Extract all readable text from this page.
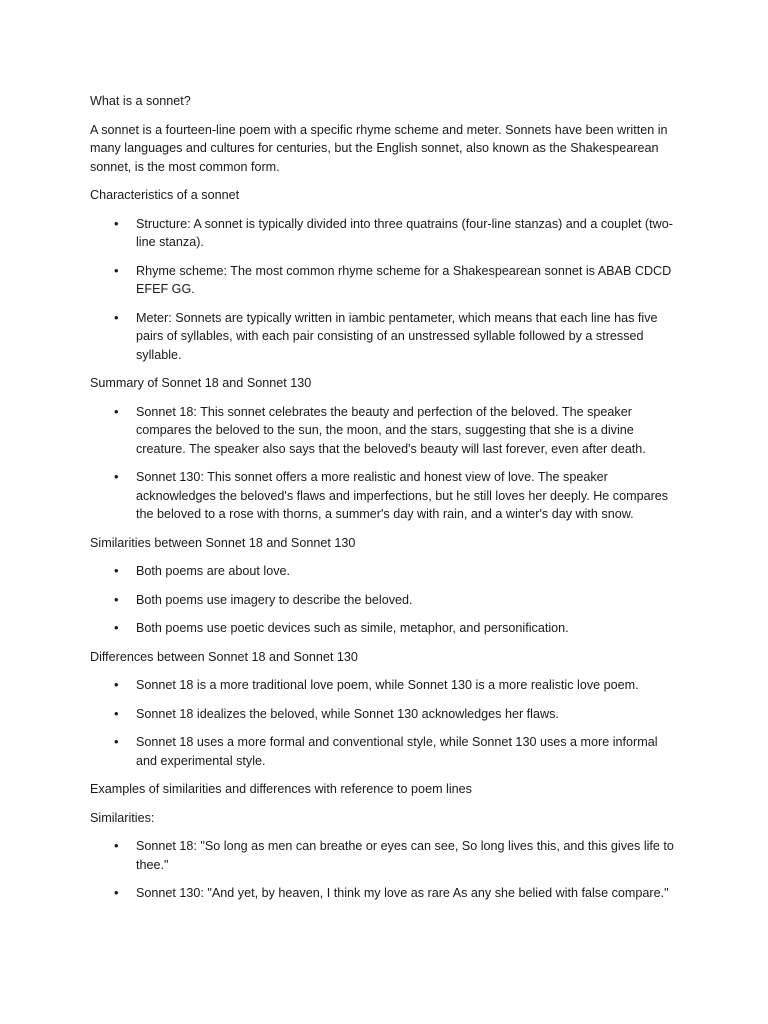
What is a sonnet?

A sonnet is a fourteen-line poem with a specific rhyme scheme and meter. Sonnets have been written in many languages and cultures for centuries, but the English sonnet, also known as the Shakespearean sonnet, is the most common form.

Characteristics of a sonnet

• Structure: A sonnet is typically divided into three quatrains (four-line stanzas) and a couplet (two-line stanza).
• Rhyme scheme: The most common rhyme scheme for a Shakespearean sonnet is ABAB CDCD EFEF GG.
• Meter: Sonnets are typically written in iambic pentameter, which means that each line has five pairs of syllables, with each pair consisting of an unstressed syllable followed by a stressed syllable.

Summary of Sonnet 18 and Sonnet 130

• Sonnet 18: This sonnet celebrates the beauty and perfection of the beloved. The speaker compares the beloved to the sun, the moon, and the stars, suggesting that she is a divine creature. The speaker also says that the beloved's beauty will last forever, even after death.
• Sonnet 130: This sonnet offers a more realistic and honest view of love. The speaker acknowledges the beloved's flaws and imperfections, but he still loves her deeply. He compares the beloved to a rose with thorns, a summer's day with rain, and a winter's day with snow.

Similarities between Sonnet 18 and Sonnet 130

• Both poems are about love.
• Both poems use imagery to describe the beloved.
• Both poems use poetic devices such as simile, metaphor, and personification.

Differences between Sonnet 18 and Sonnet 130

• Sonnet 18 is a more traditional love poem, while Sonnet 130 is a more realistic love poem.
• Sonnet 18 idealizes the beloved, while Sonnet 130 acknowledges her flaws.
• Sonnet 18 uses a more formal and conventional style, while Sonnet 130 uses a more informal and experimental style.

Examples of similarities and differences with reference to poem lines

Similarities:

• Sonnet 18: "So long as men can breathe or eyes can see, So long lives this, and this gives life to thee."
• Sonnet 130: "And yet, by heaven, I think my love as rare As any she belied with false compare."
